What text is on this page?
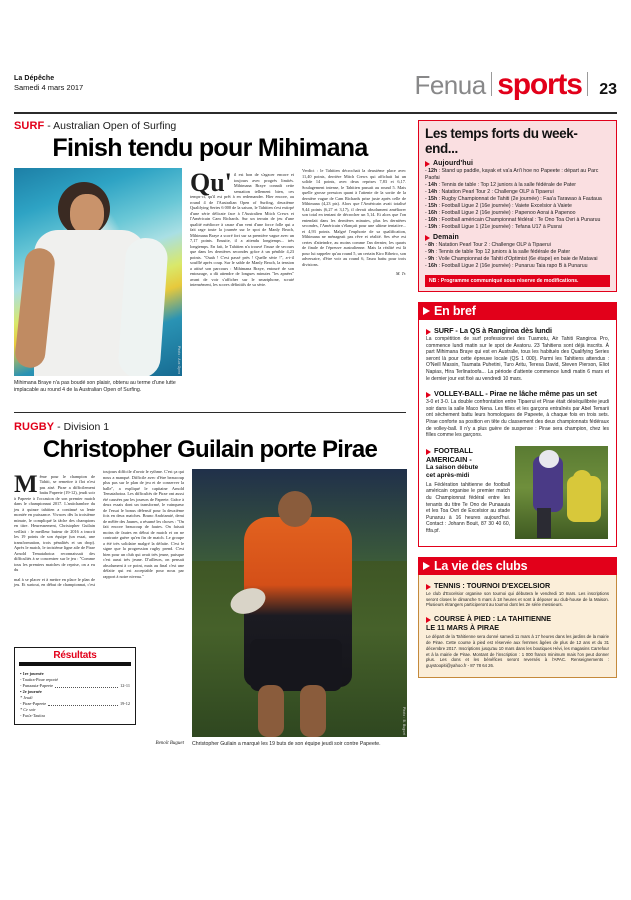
La Dépêche
Samedi 4 mars 2017	Fenua sports 23
SURF - Australian Open of Surfing
Finish tendu pour Mihimana
Photo : Aus Open

Qu' il est bon de s'agacer encore et toujours avec progrès limités. Mihimana Braye connaît cette sensation tellement bien, ces temps-ci, qu'il est prêt à en redemander. Hier encore, au round 4 de l'Australian Open of Surfing, deuxième Qualifying Series 6 000 de la saison, le Tahitien s'est extirpé d'une série délicate face à l'Australien Mitch Crews et l'Américain Cam Richards. Sur un terrain de jeu d'une qualité médiocre à cause d'un vent d'une force folle qui a fait rage toute la journée sur le spot de Manly Beach, Mihimana Braye a scoré fort sur sa première vague avec un 7,17 points. Ensuite, il a attendu longtemps... très longtemps. En fait, le Tahitien n'a trouvé l'issue de secours que dans les dernières secondes grâce à un pénible 4,23 points. "Ouah ! C'est passé près ! Quelle série !", a-t-il soufflé après coup. Sur le sable de Manly Beach, la tension a attisé son parcours : Mihimana Braye, entouré de son entourage, a dû attendre de longues minutes "les apnées" avant de voir s'afficher sur le smartphone, scruté intensément, les scores définitifs de sa série.

Verdict : le Tahitien décrochait la deuxième place avec 11,40 points, derrière Mitch Crews qui affichait lui un solide 14 points, avec deux reprises 7,83 et 6,17. Soulagement intense, le Tahitien passait au round 5. Mais quelle grosse pression quant à l'attente de la sortie de la dernière vague de Cam Richards prise juste après celle de Mihimana (4,23 pts). Alors que l'Américain avait totalisé 9,44 points (6,27 et 3,17), il devait absolument améliorer son total en tentant de décrocher un 5,14. Et alors que l'on entendait dans les dernières minutes, plus les dernières secondes, l'Américain s'élançait pour une ultime tentative... et 4,93 points. Malgré l'euphorie de sa qualification, Mihimana ne ménageait pas rêve et réalité. Ses rêve est certes d'atteindre, au moins comme l'an dernier, les quarts de finale de l'épreuve australienne. Mais la réalité est là pour lui rappeler qu'au round 5, un certain Kiro Ribeiro, son adversaire, d'être voir au round 6, l'aura battu pour trois divisions.

M. Tr.

Mihimana Braye n'a pas boudé son plaisir, obtenu au terme d'une lutte implacable au round 4 de la Australian Open of Surfing.
RUGBY - Division 1
Christopher Guilain porte Pirae

Même pour le champion de Tahiti, se remettre à flot n'est pas aisé. Pirae a difficilement battu Papeete (19-12), jeudi soir à Papeete à l'occasion de son premier match dans le championnat 2017. L'antichambre du jeu à quinze tahitien a continué sa lente montée en puissance. Vivaces dès la troisième minute, le compliqué la tâche des champions en titre. Heureusement, Christopher Guilain veillait : le meilleur buteur de 2016 a inscrit les 19 points de son équipe (un essai, une transformation, trois pénalités et un drop). Après le match, le troisième ligne aile de Pirae Arnold Tematahotoa reconnaissait des difficultés à se concentrer sur le jeu : "Comme tous les premiers matches de reprise, on a eu du

mal à se placer et à mettre en place le plan de jeu. Et surtout, en début de championnat, c'est toujours difficile d'avoir le rythme. C'est ça qui nous a manqué. Difficile avec d'être beaucoup plus pas sur le plan de jeu et de conserver la balle", a expliqué le capitaine Arnold Tematahotoa. Les difficultés de Pirae ont aussi été causées par les joueurs de Papeete. Grâce à deux essais dont un transformé, le vainqueur de l'essai le bonus défensif pour la deuxième fois en deux matches. Bruno Andriamié, demi de mêlée des Jaunes, a résumé les choses : "On fait encore beaucoup de fautes. On faisait moins de fautes en début de match et on ne contrarie guère qu'en fin de match. Le groupe a été très solidaire malgré la défaite. C'est le signe que la progression rugby prend. C'est bien pour un club qui avait très jeune, puisque c'est aussi très jeune. D'ailleurs, on pensait absolument à ce point, mais au final c'est une défaite qui est acceptable pour nous par rapport à notre niveau."

Résultats
• 1re journée
- Tautira-Pirae reporté
- Punaauia-Papeete	12-11
• 2e journée
* Jeudi
- Pirae-Papeete	19-12
* Ce soir
- Faa'a-Tautira	Photo : B. Buguet
Benoît Buguet Christopher Guilain a marqué les 19 buts de son équipe jeudi soir contre Papeete.
Les temps forts du week-end...
Aujourd'hui

- 12h : Stand up paddle, kayak et va'a Ari'i hoe no Papeete : départ au Parc Paofai

- 14h : Tennis de table : Top 12 juniors à la salle fédérale de Pater

- 14h : Natation Pearl Tour 2 : Challenge OLP à Tipaerui

- 15h : Rugby Championnat de Tahiti (2e journée) : Faa'a Tarawao à Fautaua

- 15h : Football Ligue 2 (16e journée) : Vaiete Excelsior à Vaiete

- 16h : Football Ligue 2 (16e journée) : Papenoo Aorai à Papenoo

- 16h : Football américain Championnat fédéral : Te Ono Toa Ovri à Punaruu

- 19h : Football Ligue 1 (21e journée) : Tefana U17 à Pusrai

Demain

- 8h : Natation Pearl Tour 2 : Challenge OLP à Tipaerui

- 9h : Tennis de table Top 12 juniors à la salle fédérale de Pater

- 9h : Voile Championnat de Tahiti d'Optimist (6e étape) en baie de Matavai

- 16h : Football Ligue 2 (16e journée) : Punaruu Taia rapo B à Punaruu

NB : Programme communiqué sous réserve de modifications.
En bref
SURF - La QS à Rangiroa dès lundi

La compétition de surf professionnel des Tuamotu, Air Tahiti Rangiroa Pro, commence lundi matin sur le spot de Avatoru. 23 Tahitiens sont déjà inscrits. À part Mihimana Braye qui est en Australie, tous les habitués des Qualifying Series seront là pour cette épreuve locale (QS 1 000). Parmi les Tahitiens attendus : O'Neill Massin, Taumata Puhetini, Turo Aritu, Teresa David, Steven Pierson, Eliot Napias, Hira Terlinatoofa... La période d'attente commence lundi matin 6 mars et le dernier jour est fixé au vendredi 10 mars.

VOLLEY-BALL - Pirae ne lâche même pas un set

3-0 et 3-0. La double confrontation entre Tipaerui et Pirae était déséquilibrée jeudi soir dans la salle Maco Nena. Les filles et les garçons entraînés par Abel Temarii ont sèchement battu leurs homologues de Papeete, à chaque fois en trois sets. Pirae conforte sa position en tête du classement des deux championnats fédéraux de volley-ball. Il n'y a plus guère de suspense : Pirae sera champion, chez les filles comme les garçons.

FOOTBALL
AMERICAIN -
La saison débute
cet après-midi

La Fédération tahitienne de football américain organise le premier match du Championnat fédéral entre les tenants du titre Te Ono de Punaauia et les Toa Ovri de Excelsior au stade Punaruu à 16 heures aujourd'hui. Contact : Johann Bouit, 87 30 40 60, ftfa.pf.

La vie des clubs
TENNIS : TOURNOI D'EXCELSIOR

Le club d'Excelsior organise son tournoi qui débutera le vendredi 10 mars. Les inscriptions seront closes le dimanche 5 mars à 18 heures et sont à déposer au club-house de la Maison. Plusieurs étrangers participeront au tournoi dont les 2e série messieurs.

COURSE À PIED : LA TAHITIENNE
LE 11 MARS À PIRAE

Le départ de la Tahitienne sera donné samedi 11 mars à 17 heures dans les jardins de la mairie de Pirae. Cette course à pied est réservée aux femmes âgées de plus de 12 ans et du 31 décembre 2017. Inscriptions jusqu'au 10 mars dans les boutiques Hévi, les magasins Carrefour et à la mairie de Pirae. Montant de l'inscription : 1 000 francs minimum mais l'on peut donner plus. Les dons et les bénéfices seront reversés à l'APAC. Renseignements : guystoopiti@yahoo.fr - 87 78 64 26.
